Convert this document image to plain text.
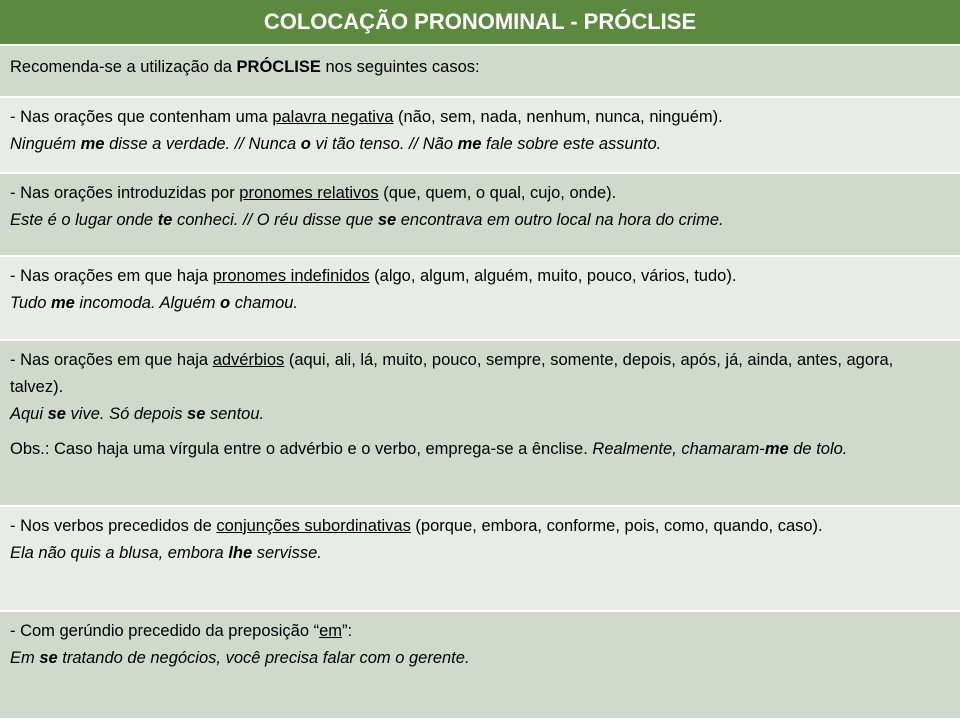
COLOCAÇÃO PRONOMINAL - PRÓCLISE
Recomenda-se a utilização da PRÓCLISE nos seguintes casos:
- Nas orações que contenham uma palavra negativa (não, sem, nada, nenhum, nunca, ninguém).
Ninguém me disse a verdade. // Nunca o vi tão tenso. // Não me fale sobre este assunto.
- Nas orações introduzidas por pronomes relativos (que, quem, o qual, cujo, onde).
Este é o lugar onde te conheci. // O réu disse que se encontrava em outro local na hora do crime.
- Nas orações em que haja pronomes indefinidos (algo, algum, alguém, muito, pouco, vários, tudo).
Tudo me incomoda. Alguém o chamou.
- Nas orações em que haja advérbios (aqui, ali, lá, muito, pouco, sempre, somente, depois, após, já, ainda, antes, agora, talvez).
Aqui se vive. Só depois se sentou.
Obs.: Caso haja uma vírgula entre o advérbio e o verbo, emprega-se a ênclise. Realmente, chamaram-me de tolo.
- Nos verbos precedidos de conjunções subordinativas (porque, embora, conforme, pois, como, quando, caso).
Ela não quis a blusa, embora lhe servisse.
- Com gerúndio precedido da preposição “em”:
Em se tratando de negócios, você precisa falar com o gerente.
